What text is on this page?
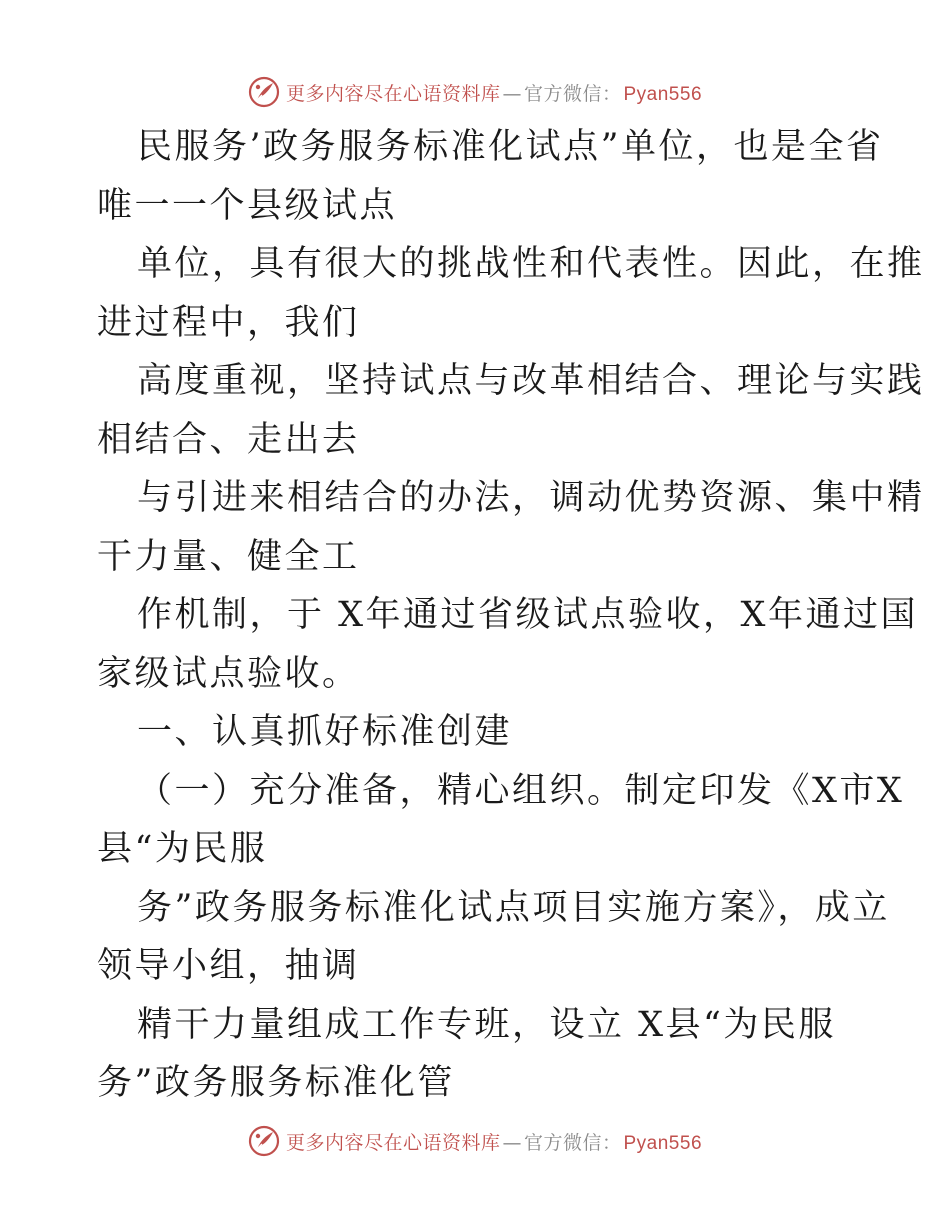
更多内容尽在心语资料库 — 官方微信： Pyan556
民服务’政务服务标准化试点”单位，也是全省
唯一一个县级试点
单位，具有很大的挑战性和代表性。因此，在推
进过程中，我们
高度重视，坚持试点与改革相结合、理论与实践
相结合、走出去
与引进来相结合的办法，调动优势资源、集中精
干力量、健全工
作机制，于 X年通过省级试点验收，X年通过国
家级试点验收。
一、认真抓好标准创建
（一）充分准备，精心组织。制定印发《X市X
县“为民服
务”政务服务标准化试点项目实施方案》，成立
领导小组，抽调
精干力量组成工作专班，设立 X县“为民服
务”政务服务标准化管
更多内容尽在心语资料库 — 官方微信： Pyan556
